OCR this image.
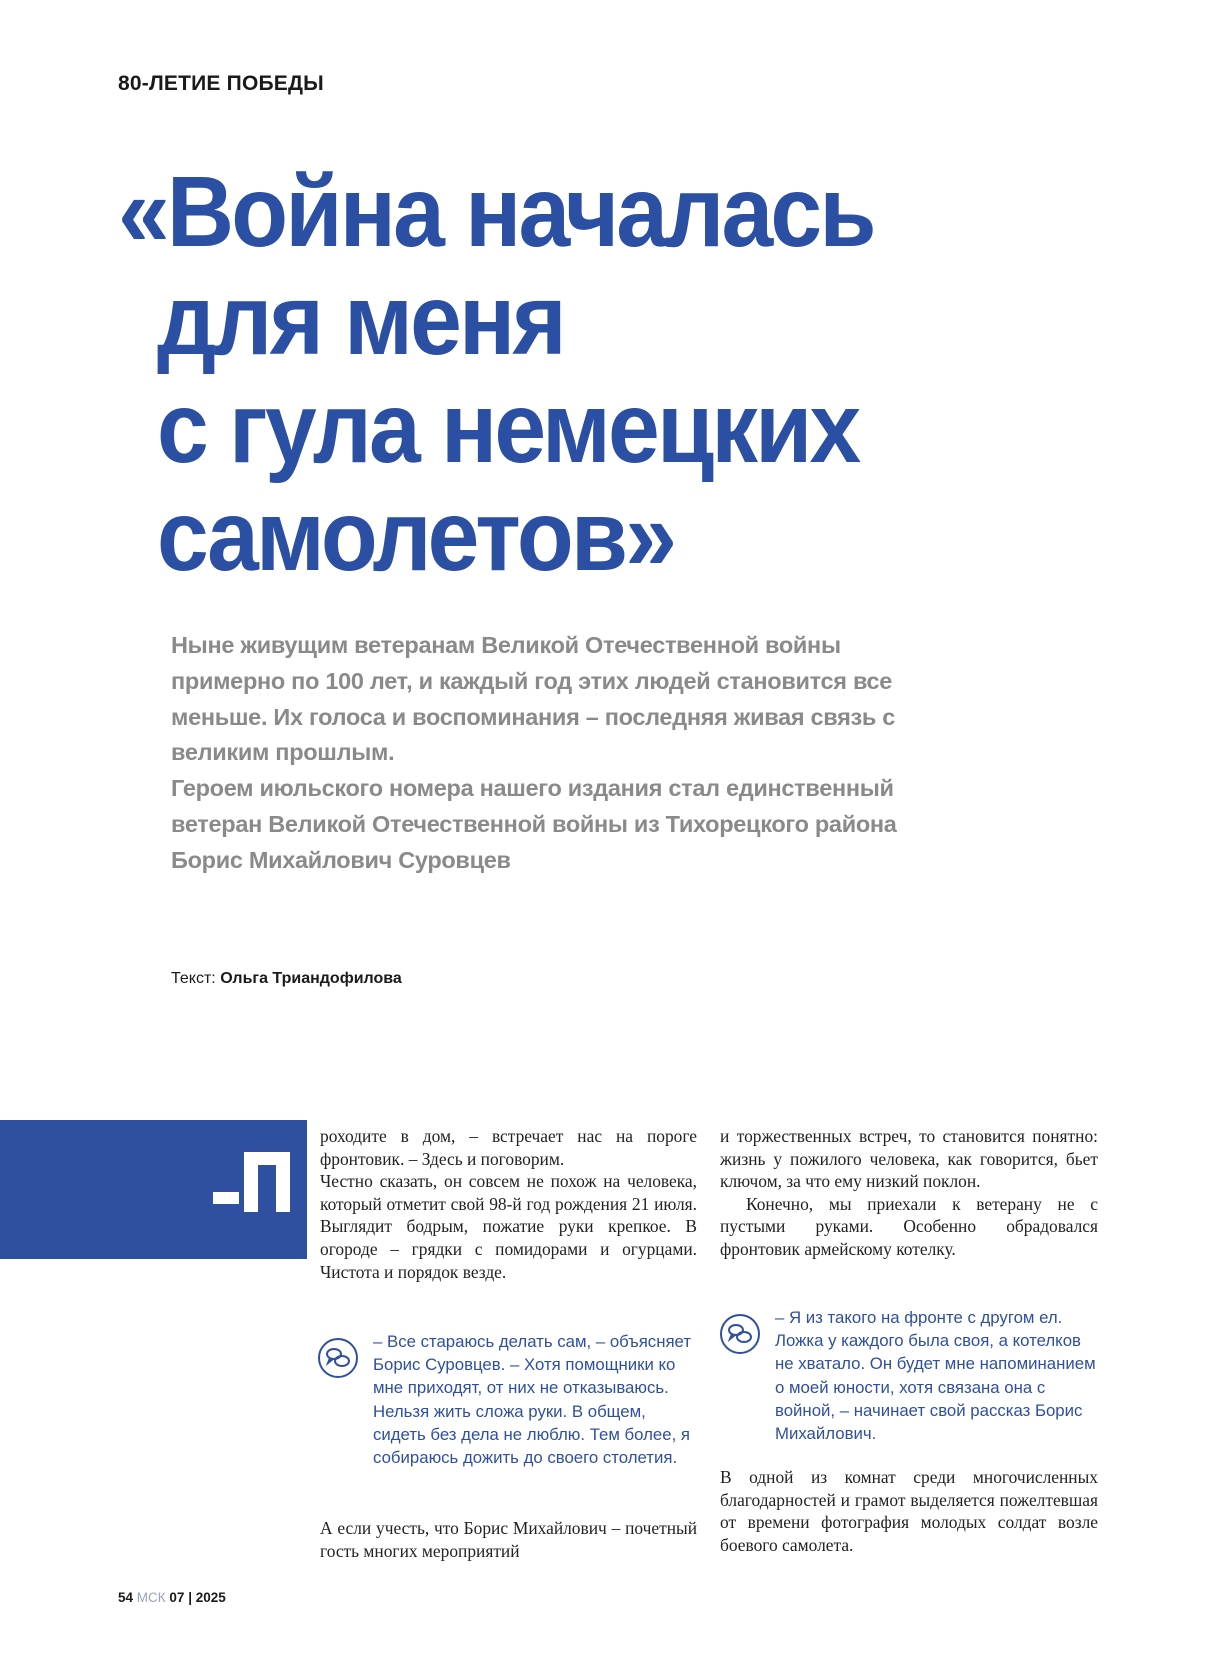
80-ЛЕТИЕ ПОБЕДЫ
«Война началась
для меня
с гула немецких
самолетов»

Ныне живущим ветеранам Великой Отечественной войны примерно по 100 лет, и каждый год этих людей становится все меньше. Их голоса и воспоминания – последняя живая связь с великим прошлым.

Героем июльского номера нашего издания стал единственный ветеран Великой Отечественной войны из Тихорецкого района Борис Михайлович Суровцев

Текст: Ольга Триандофилова

роходите в дом, – встречает нас на пороге фронтовик. – Здесь и поговорим.

Честно сказать, он совсем не похож на человека, который отметит свой 98-й год рождения 21 июля. Выглядит бодрым, пожатие руки крепкое. В огороде – грядки с помидорами и огурцами. Чистота и порядок везде.

– Все стараюсь делать сам, – объясняет Борис Суровцев. – Хотя помощники ко мне приходят, от них не отказываюсь. Нельзя жить сложа руки. В общем, сидеть без дела не люблю. Тем более, я собираюсь дожить до своего столетия.

А если учесть, что Борис Михайлович – почетный гость многих мероприятий

и торжественных встреч, то становится понятно: жизнь у пожилого человека, как говорится, бьет ключом, за что ему низкий поклон.

Конечно, мы приехали к ветерану не с пустыми руками. Особенно обрадовался фронтовик армейскому котелку.

– Я из такого на фронте с другом ел. Ложка у каждого была своя, а котелков не хватало. Он будет мне напоминанием о моей юности, хотя связана она с войной, – начинает свой рассказ Борис Михайлович.

В одной из комнат среди многочисленных благодарностей и грамот выделяется пожелтевшая от времени фотография молодых солдат возле боевого самолета.

54 МСК 07 | 2025
